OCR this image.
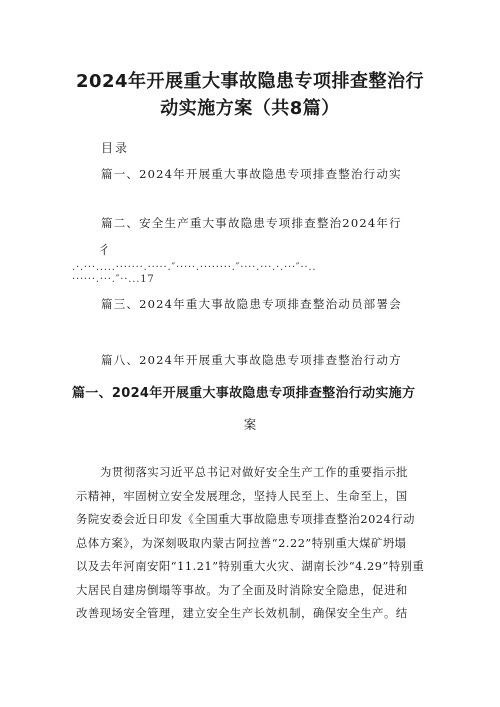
2024年开展重大事故隐患专项排查整治行
动实施方案（共8篇）
目录
篇一、2024年开展重大事故隐患专项排查整治行动实
篇二、安全生产重大事故隐患专项排查整治2024年行
彳
.·.···.....·······.·····.″·····.········.″····.···.·.···″··..
······.···.″··...17
篇三、2024年重大事故隐患专项排查整治动员部署会
篇八、2024年开展重大事故隐患专项排查整治行动方
篇一、2024年开展重大事故隐患专项排查整治行动实施方
案

为贯彻落实习近平总书记对做好安全生产工作的重要指示批

示精神，牢固树立安全发展理念，坚持人民至上、生命至上，国

务院安委会近日印发《全国重大事故隐患专项排查整治2024行动

总体方案》，为深刻吸取内蒙古阿拉善“2.22”特别重大煤矿坍塌

以及去年河南安阳“11.21”特别重大火灾、湖南长沙“4.29”特别重

大居民自建房倒塌等事故。为了全面及时消除安全隐患，促进和

改善现场安全管理，建立安全生产长效机制，确保安全生产。结
